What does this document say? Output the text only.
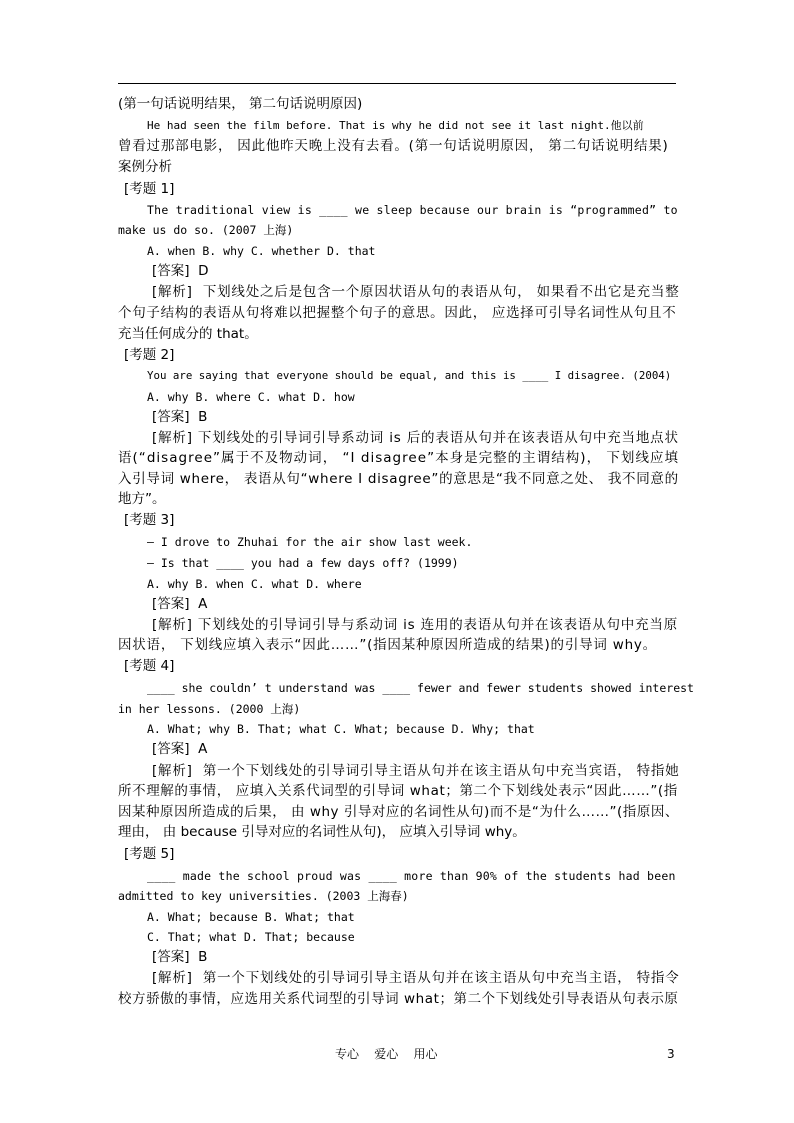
(第一句话说明结果， 第二句话说明原因)
He had seen the film before. That is why he did not see it last night.他以前
曾看过那部电影， 因此他昨天晚上没有去看。(第一句话说明原因， 第二句话说明结果)
案例分析
[考题 1]
The traditional view is ____ we sleep because our brain is “programmed” to
make us do so. (2007 上海)
A. when B. why C. whether D. that
[答案]  D
[解析]  下划线处之后是包含一个原因状语从句的表语从句， 如果看不出它是充当整
个句子结构的表语从句将难以把握整个句子的意思。因此， 应选择可引导名词性从句且不
充当任何成分的 that。
[考题 2]
You are saying that everyone should be equal, and this is ____ I disagree. (2004)
A. why B. where C. what D. how
[答案]  B
[解析] 下划线处的引导词引导系动词 is 后的表语从句并在该表语从句中充当地点状
语(“disagree”属于不及物动词， “I disagree”本身是完整的主谓结构)， 下划线应填
入引导词 where， 表语从句“where I disagree”的意思是“我不同意之处、 我不同意的
地方”。
[考题 3]
— I drove to Zhuhai for the air show last week.
— Is that ____ you had a few days off? (1999)
A. why B. when C. what D. where
[答案]  A
[解析] 下划线处的引导词引导与系动词 is 连用的表语从句并在该表语从句中充当原
因状语， 下划线应填入表示“因此……”(指因某种原因所造成的结果)的引导词 why。
[考题 4]
____ she couldn’ t understand was ____ fewer and fewer students showed interest
in her lessons. (2000 上海)
A. What; why B. That; what C. What; because D. Why; that
[答案]  A
[解析]  第一个下划线处的引导词引导主语从句并在该主语从句中充当宾语， 特指她
所不理解的事情， 应填入关系代词型的引导词 what；第二个下划线处表示“因此……”(指
因某种原因所造成的后果， 由 why 引导对应的名词性从句)而不是“为什么……”(指原因、
理由， 由 because 引导对应的名词性从句)， 应填入引导词 why。
[考题 5]
____ made the school proud was ____ more than 90% of the students had been
admitted to key universities. (2003 上海春)
A. What; because B. What; that
C. That; what D. That; because
[答案]  B
[解析]  第一个下划线处的引导词引导主语从句并在该主语从句中充当主语， 特指令
校方骄傲的事情，应选用关系代词型的引导词 what；第二个下划线处引导表语从句表示原
专心    爱心    用心	3
